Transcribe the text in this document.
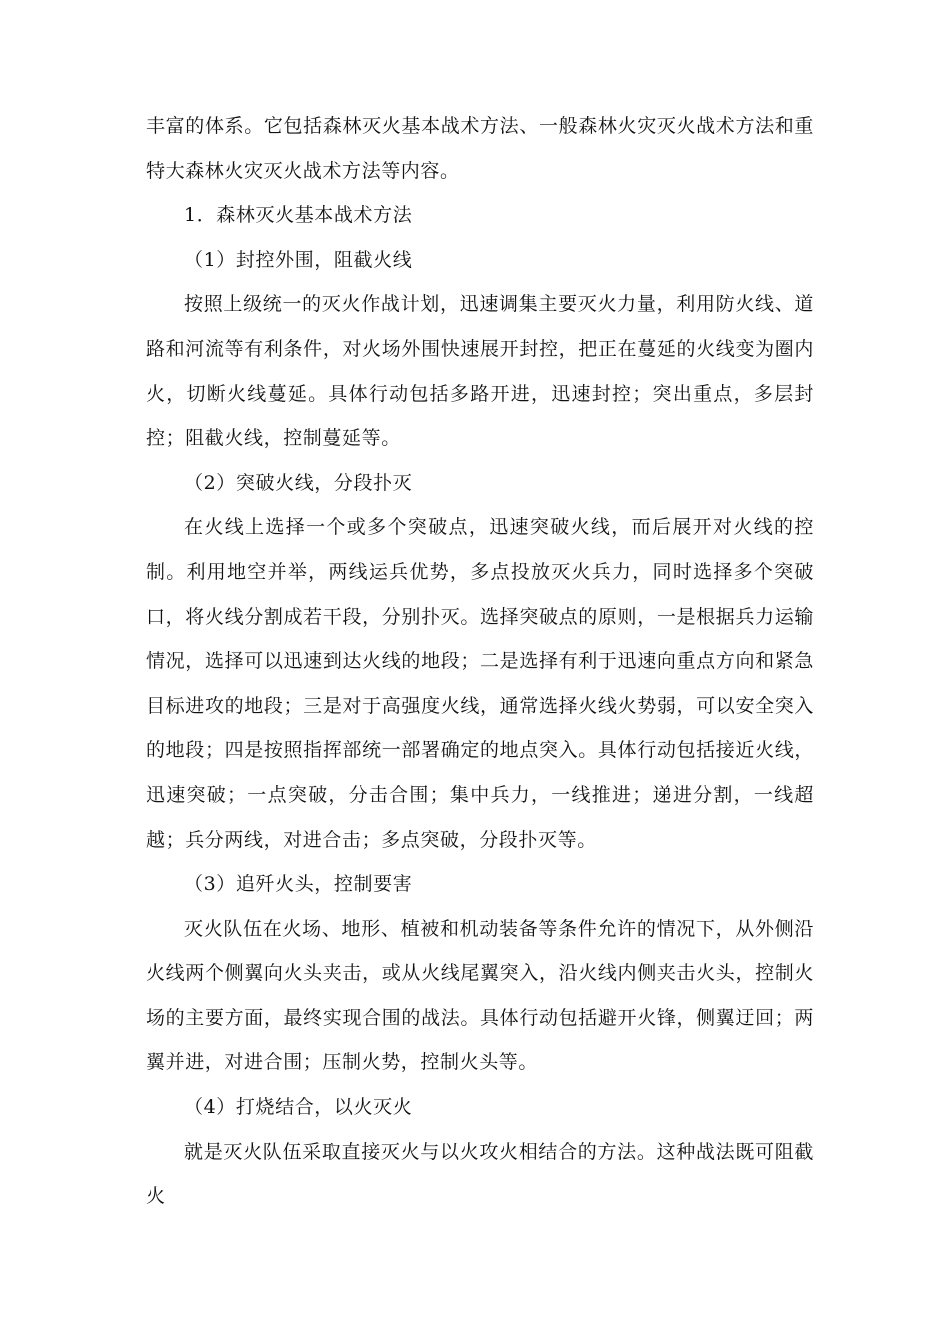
丰富的体系。它包括森林灭火基本战术方法、一般森林火灾灭火战术方法和重特大森林火灾灭火战术方法等内容。

1．森林灭火基本战术方法

（1）封控外围，阻截火线

按照上级统一的灭火作战计划，迅速调集主要灭火力量，利用防火线、道路和河流等有利条件，对火场外围快速展开封控，把正在蔓延的火线变为圈内火，切断火线蔓延。具体行动包括多路开进，迅速封控；突出重点，多层封控；阻截火线，控制蔓延等。

（2）突破火线，分段扑灭

在火线上选择一个或多个突破点，迅速突破火线，而后展开对火线的控制。利用地空并举，两线运兵优势，多点投放灭火兵力，同时选择多个突破口，将火线分割成若干段，分别扑灭。选择突破点的原则，一是根据兵力运输情况，选择可以迅速到达火线的地段；二是选择有利于迅速向重点方向和紧急目标进攻的地段；三是对于高强度火线，通常选择火线火势弱，可以安全突入的地段；四是按照指挥部统一部署确定的地点突入。具体行动包括接近火线，迅速突破；一点突破，分击合围；集中兵力，一线推进；递进分割，一线超越；兵分两线，对进合击；多点突破，分段扑灭等。

（3）追歼火头，控制要害

灭火队伍在火场、地形、植被和机动装备等条件允许的情况下，从外侧沿火线两个侧翼向火头夹击，或从火线尾翼突入，沿火线内侧夹击火头，控制火场的主要方面，最终实现合围的战法。具体行动包括避开火锋，侧翼迂回；两翼并进，对进合围；压制火势，控制火头等。

（4）打烧结合，以火灭火

就是灭火队伍采取直接灭火与以火攻火相结合的方法。这种战法既可阻截火
